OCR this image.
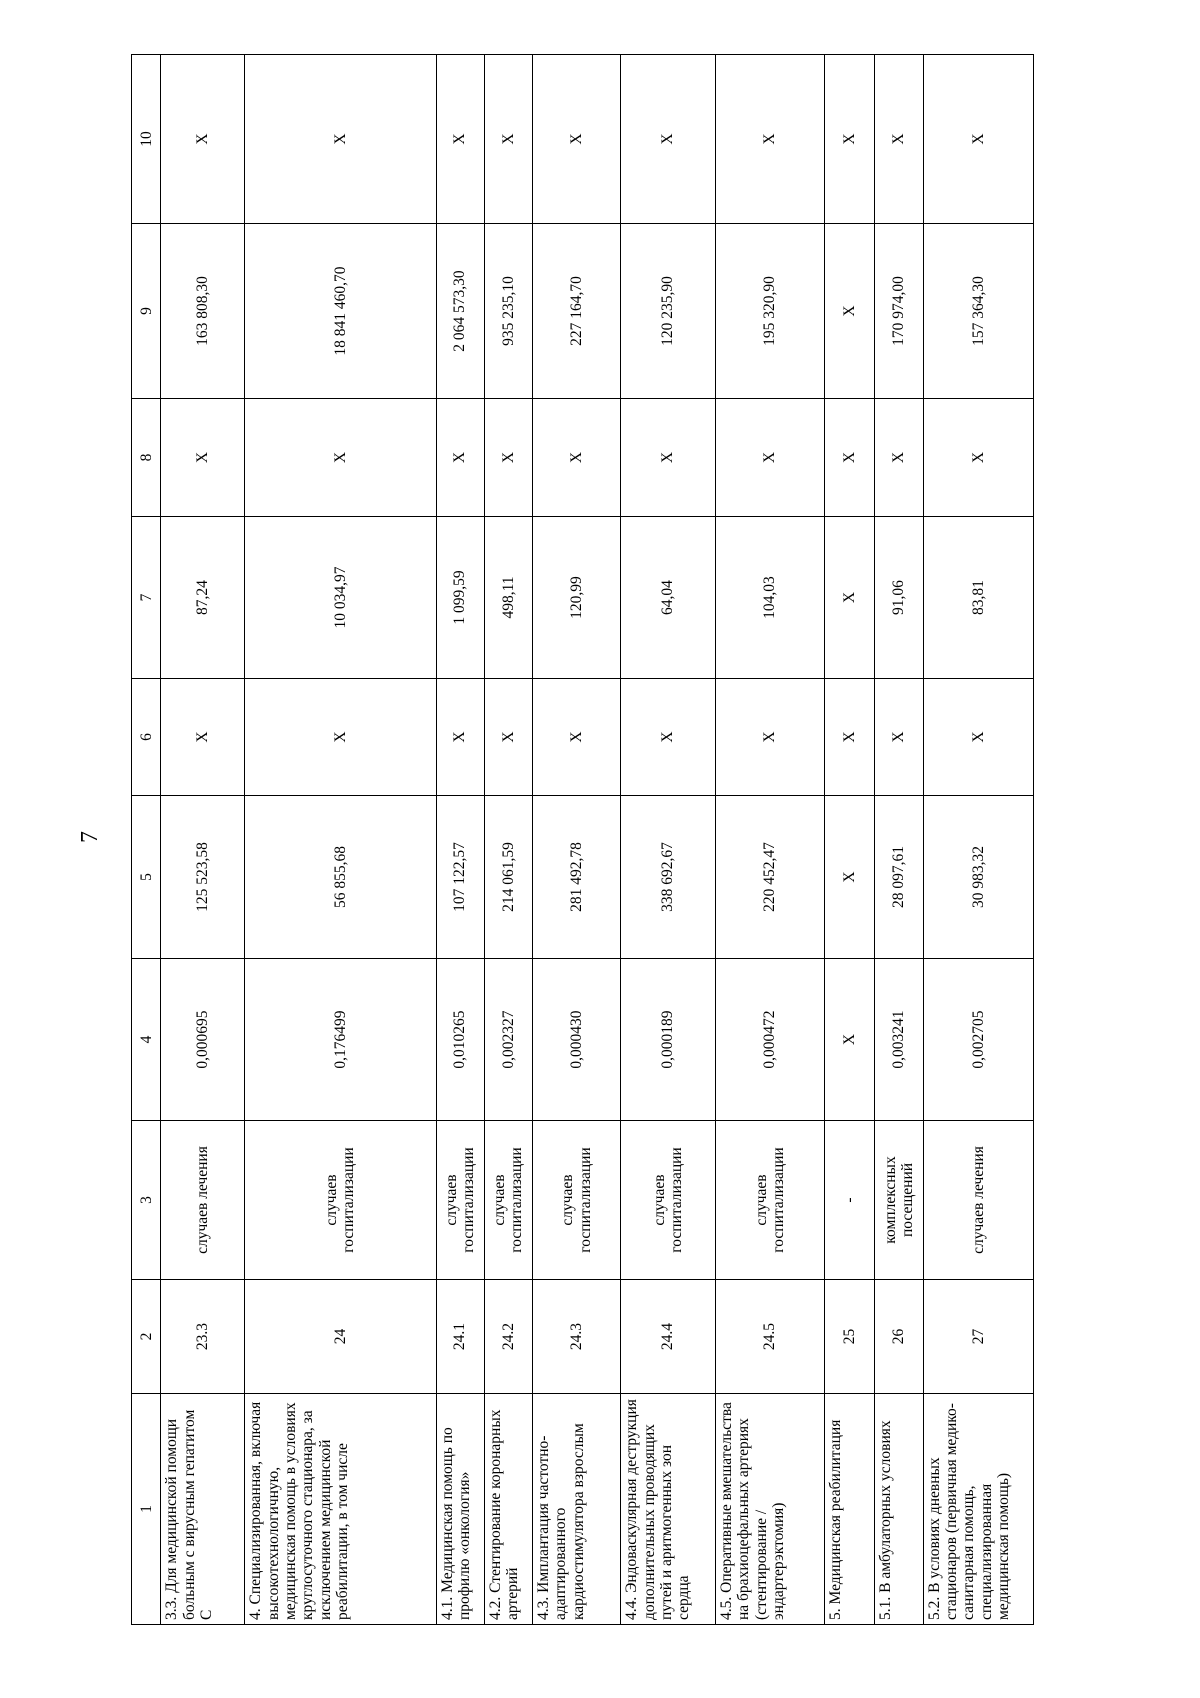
7
1	2	3	4	5	6	7	8	9	10
3.3. Для медицинской помощи больным с вирусным гепатитом С	23.3	случаев лечения	0,000695	125 523,58	X	87,24	X	163 808,30	X
4. Специализированная, включая высокотехнологичную, медицинская помощь в условиях круглосуточного стационара, за исключением медицинской реабилитации, в том числе	24	случаев госпитализации	0,176499	56 855,68	X	10 034,97	X	18 841 460,70	X
4.1. Медицинская помощь по профилю «онкология»	24.1	случаев госпитализации	0,010265	107 122,57	X	1 099,59	X	2 064 573,30	X
4.2. Стентирование коронарных артерий	24.2	случаев госпитализации	0,002327	214 061,59	X	498,11	X	935 235,10	X
4.3. Имплантация частотно-адаптированного кардиостимулятора взрослым	24.3	случаев госпитализации	0,000430	281 492,78	X	120,99	X	227 164,70	X
4.4. Эндоваскулярная деструкция дополнительных проводящих путей и аритмогенных зон сердца	24.4	случаев госпитализации	0,000189	338 692,67	X	64,04	X	120 235,90	X
4.5. Оперативные вмешательства на брахиоцефальных артериях (стентирование / эндартерэктомия)	24.5	случаев госпитализации	0,000472	220 452,47	X	104,03	X	195 320,90	X
5. Медицинская реабилитация	25	-	X	X	X	X	X	X	X
5.1. В амбулаторных условиях	26	комплексных посещений	0,003241	28 097,61	X	91,06	X	170 974,00	X
5.2. В условиях дневных стационаров (первичная медико-санитарная помощь, специализированная медицинская помощь)	27	случаев лечения	0,002705	30 983,32	X	83,81	X	157 364,30	X
